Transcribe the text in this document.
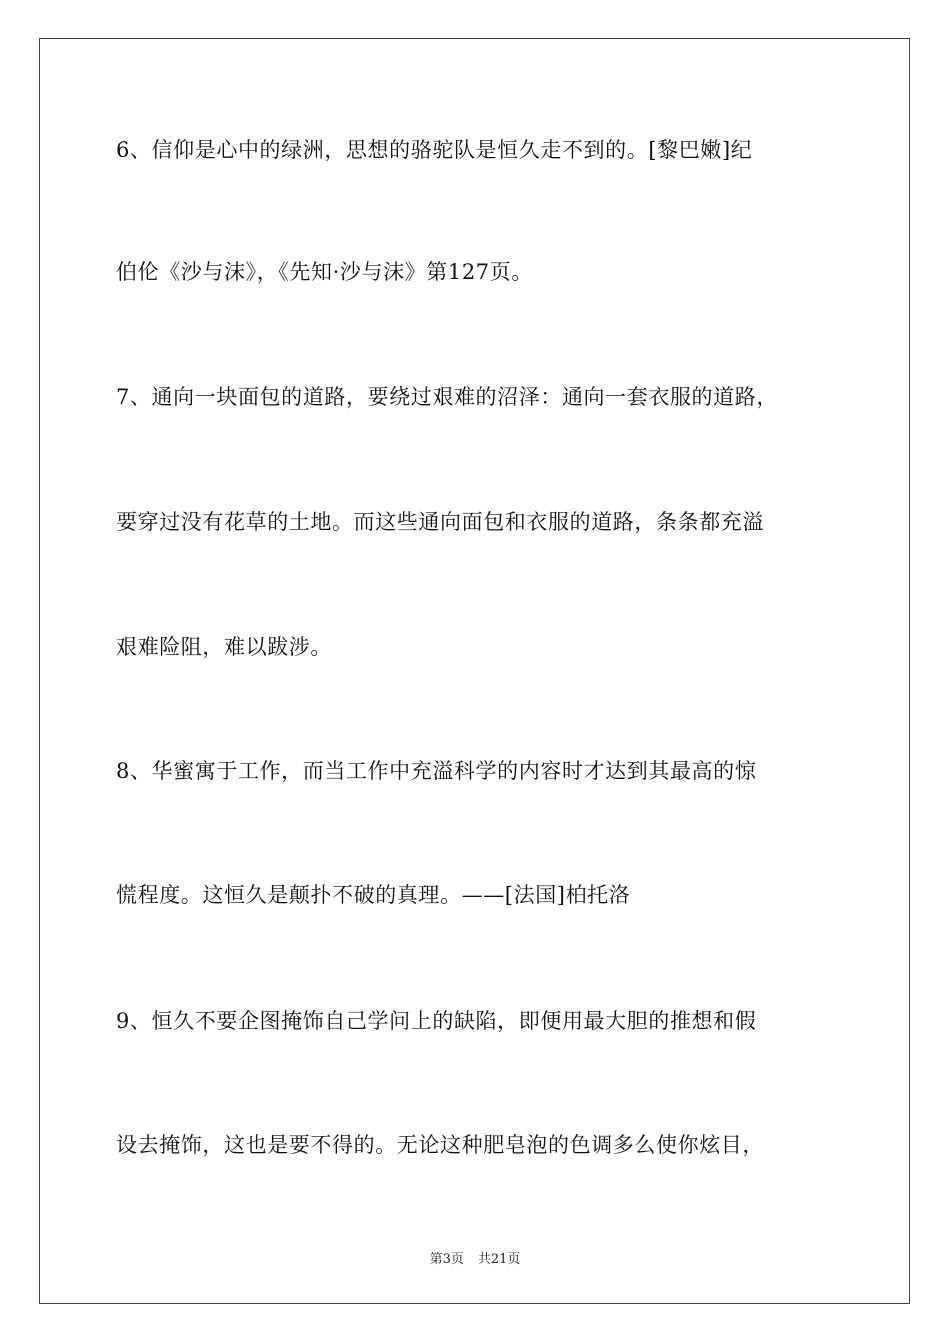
6、信仰是心中的绿洲，思想的骆驼队是恒久走不到的。[黎巴嫩]纪
伯伦《沙与沫》，《先知·沙与沫》第127页。
7、通向一块面包的道路，要绕过艰难的沼泽：通向一套衣服的道路，
要穿过没有花草的土地。而这些通向面包和衣服的道路，条条都充溢
艰难险阻，难以跋涉。
8、华蜜寓于工作，而当工作中充溢科学的内容时才达到其最高的惊
慌程度。这恒久是颠扑不破的真理。——[法国]柏托洛
9、恒久不要企图掩饰自己学问上的缺陷，即便用最大胆的推想和假
设去掩饰，这也是要不得的。无论这种肥皂泡的色调多么使你炫目，
第3页 共21页
